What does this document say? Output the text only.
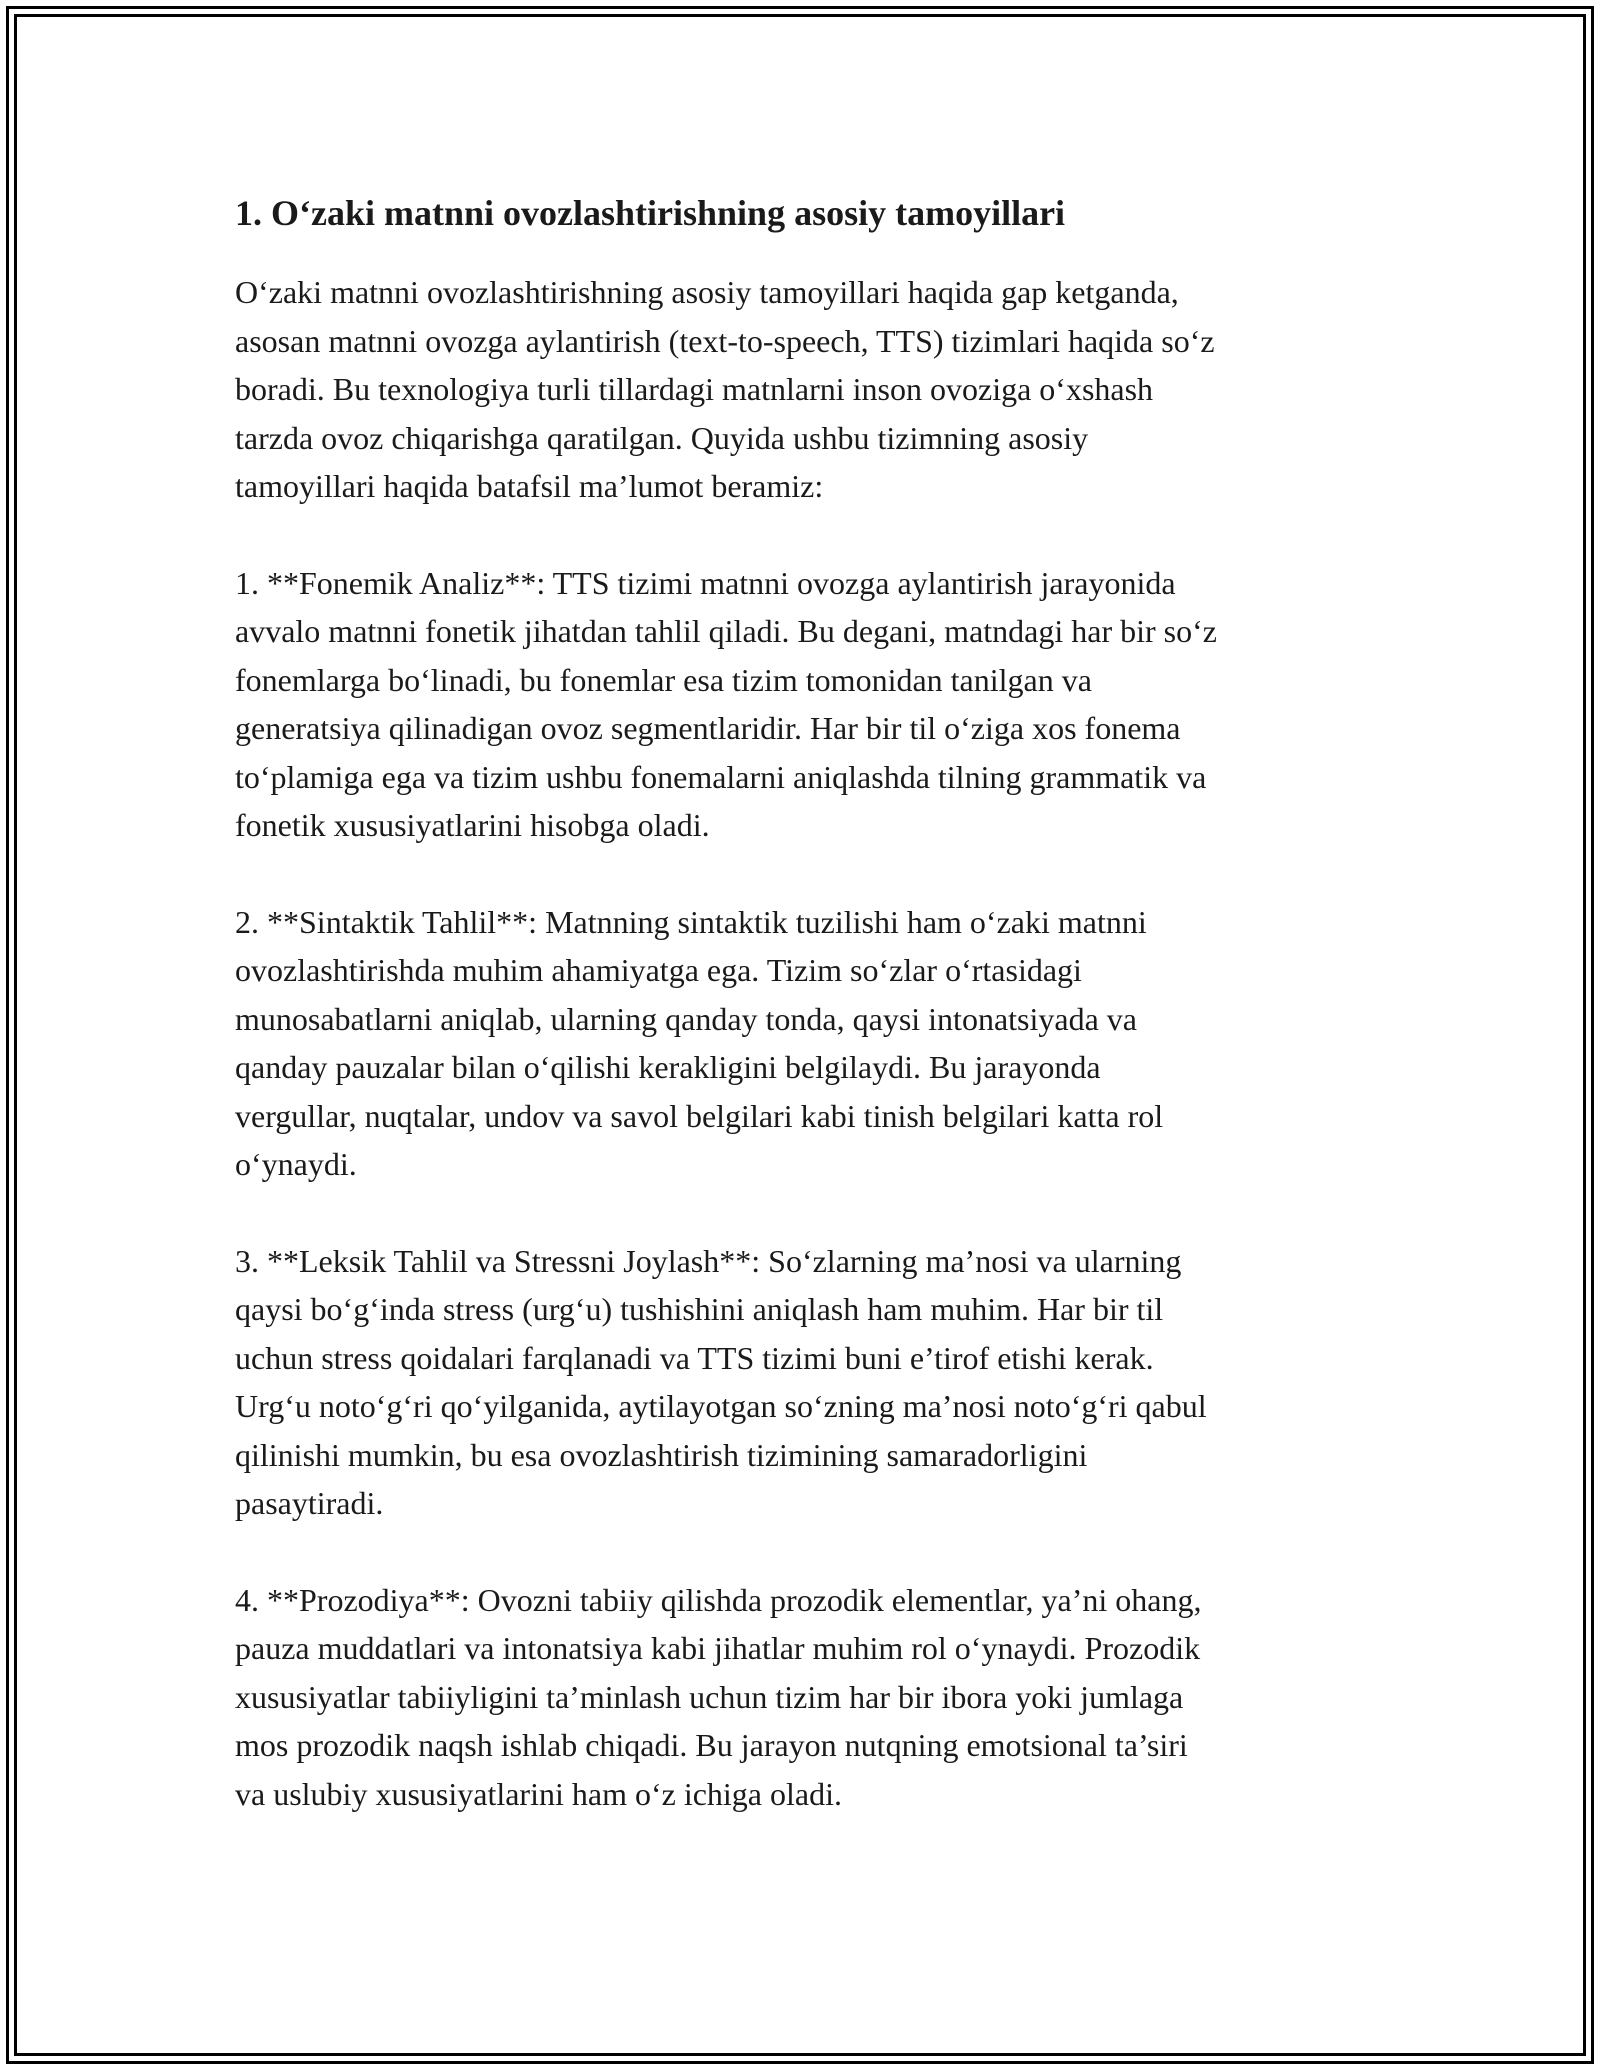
1. O‘zaki matnni ovozlashtirishning asosiy tamoyillari

O‘zaki matnni ovozlashtirishning asosiy tamoyillari haqida gap ketganda,
asosan matnni ovozga aylantirish (text-to-speech, TTS) tizimlari haqida so‘z
boradi. Bu texnologiya turli tillardagi matnlarni inson ovoziga o‘xshash
tarzda ovoz chiqarishga qaratilgan. Quyida ushbu tizimning asosiy
tamoyillari haqida batafsil ma’lumot beramiz:

1. **Fonemik Analiz**: TTS tizimi matnni ovozga aylantirish jarayonida
avvalo matnni fonetik jihatdan tahlil qiladi. Bu degani, matndagi har bir so‘z
fonemlarga bo‘linadi, bu fonemlar esa tizim tomonidan tanilgan va
generatsiya qilinadigan ovoz segmentlaridir. Har bir til o‘ziga xos fonema
to‘plamiga ega va tizim ushbu fonemalarni aniqlashda tilning grammatik va
fonetik xususiyatlarini hisobga oladi.

2. **Sintaktik Tahlil**: Matnning sintaktik tuzilishi ham o‘zaki matnni
ovozlashtirishda muhim ahamiyatga ega. Tizim so‘zlar o‘rtasidagi
munosabatlarni aniqlab, ularning qanday tonda, qaysi intonatsiyada va
qanday pauzalar bilan o‘qilishi kerakligini belgilaydi. Bu jarayonda
vergullar, nuqtalar, undov va savol belgilari kabi tinish belgilari katta rol
o‘ynaydi.

3. **Leksik Tahlil va Stressni Joylash**: So‘zlarning ma’nosi va ularning
qaysi bo‘g‘inda stress (urg‘u) tushishini aniqlash ham muhim. Har bir til
uchun stress qoidalari farqlanadi va TTS tizimi buni e’tirof etishi kerak.
Urg‘u noto‘g‘ri qo‘yilganida, aytilayotgan so‘zning ma’nosi noto‘g‘ri qabul
qilinishi mumkin, bu esa ovozlashtirish tizimining samaradorligini
pasaytiradi.

4. **Prozodiya**: Ovozni tabiiy qilishda prozodik elementlar, ya’ni ohang,
pauza muddatlari va intonatsiya kabi jihatlar muhim rol o‘ynaydi. Prozodik
xususiyatlar tabiiyligini ta’minlash uchun tizim har bir ibora yoki jumlaga
mos prozodik naqsh ishlab chiqadi. Bu jarayon nutqning emotsional ta’siri
va uslubiy xususiyatlarini ham o‘z ichiga oladi.
